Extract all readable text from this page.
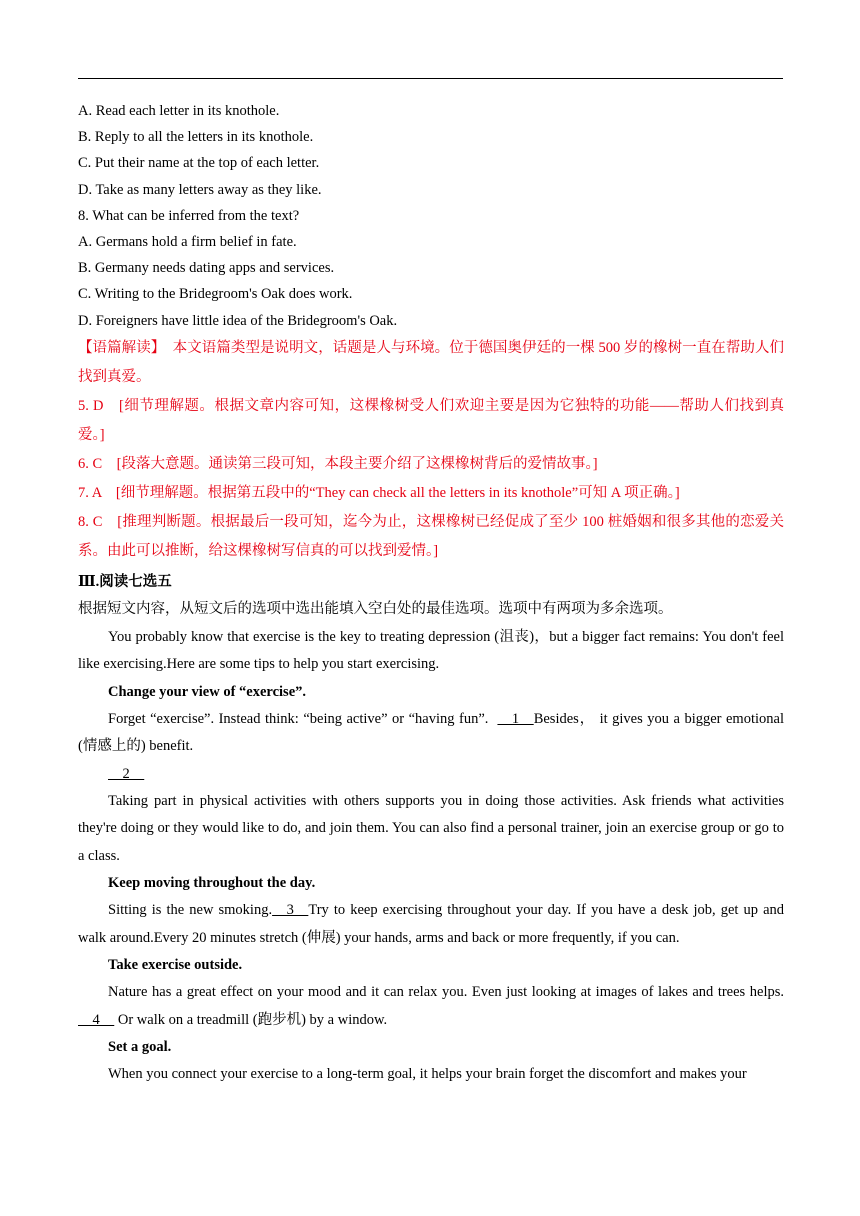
A. Read each letter in its knothole.
B. Reply to all the letters in its knothole.
C. Put their name at the top of each letter.
D. Take as many letters away as they like.
8. What can be inferred from the text?
A. Germans hold a firm belief in fate.
B. Germany needs dating apps and services.
C. Writing to the Bridegroom's Oak does work.
D. Foreigners have little idea of the Bridegroom's Oak.

【语篇解读】　 本文语篇类型是说明文，话题是人与环境。位于德国奥伊廷的一棵 500 岁的橡树一直在帮助人们找到真爱。

5. D　[细节理解题。根据文章内容可知，这棵橡树受人们欢迎主要是因为它独特的功能——帮助人们找到真爱。]

6. C　[段落大意题。通读第三段可知，本段主要介绍了这棵橡树背后的爱情故事。]

7. A　[细节理解题。根据第五段中的“They can check all the letters in its knothole”可知 A 项正确。]

8. C　[推理判断题。根据最后一段可知，迄今为止，这棵橡树已经促成了至少 100 桩婚姻和很多其他的恋爱关系。由此可以推断，给这棵橡树写信真的可以找到爱情。]

Ⅲ.阅读七选五
根据短文内容，从短文后的选项中选出能填入空白处的最佳选项。选项中有两项为多余选项。

You probably know that exercise is the key to treating depression (沮丧)，but a bigger fact remains: You don't feel like exercising.Here are some tips to help you start exercising.

Change your view of “exercise”.

Forget “exercise”. Instead think: “being active” or “having fun”.  　1　Besides， it gives you a bigger emotional (情感上的) benefit.

　2　

Taking part in physical activities with others supports you in doing those activities. Ask friends what activities they're doing or they would like to do, and join them. You can also find a personal trainer, join an exercise group or go to a class.

Keep moving throughout the day.

Sitting is the new smoking.　3　Try to keep exercising throughout your day. If you have a desk job, get up and walk around.Every 20 minutes stretch (伸展) your hands, arms and back or more frequently, if you can.

Take exercise outside.

Nature has a great effect on your mood and it can relax you. Even just looking at images of lakes and trees helps.　4　 Or walk on a treadmill (跑步机) by a window.

Set a goal.

When you connect your exercise to a long-term goal, it helps your brain forget the discomfort and makes your
